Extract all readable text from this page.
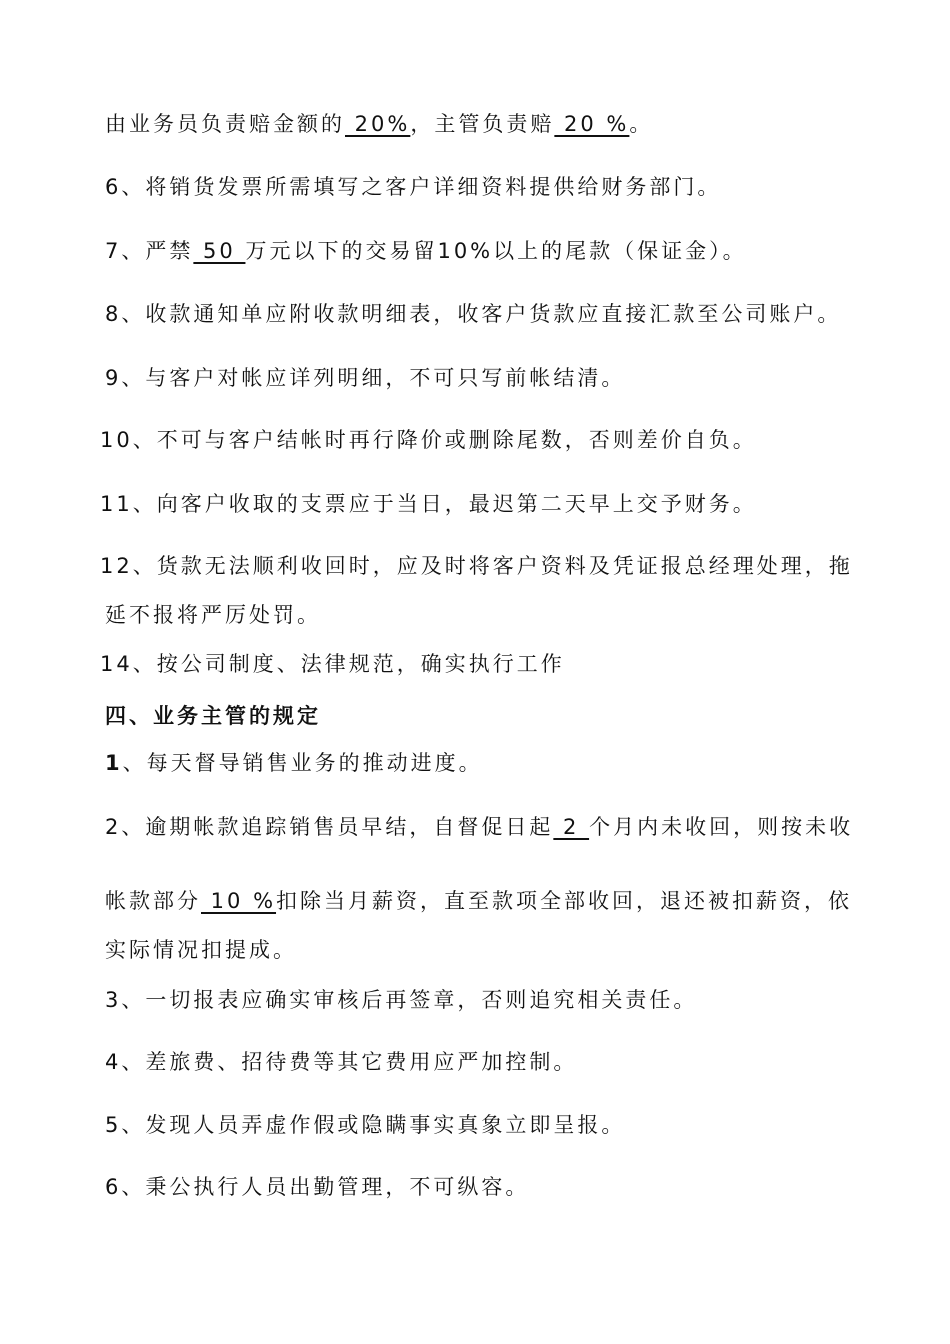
由业务员负责赔金额的 20%，主管负责赔 20 %。
6、将销货发票所需填写之客户详细资料提供给财务部门。
7、严禁 50 万元以下的交易留10%以上的尾款（保证金）。
8、收款通知单应附收款明细表，收客户货款应直接汇款至公司账户。
9、与客户对帐应详列明细，不可只写前帐结清。
10、不可与客户结帐时再行降价或删除尾数，否则差价自负。
11、向客户收取的支票应于当日，最迟第二天早上交予财务。
12、货款无法顺利收回时，应及时将客户资料及凭证报总经理处理，拖
延不报将严厉处罚。
14、按公司制度、法律规范，确实执行工作
四、业务主管的规定
1、每天督导销售业务的推动进度。
2、逾期帐款追踪销售员早结，自督促日起 2 个月内未收回，则按未收
帐款部分 10 %扣除当月薪资，直至款项全部收回，退还被扣薪资，依
实际情况扣提成。
3、一切报表应确实审核后再签章，否则追究相关责任。
4、差旅费、招待费等其它费用应严加控制。
5、发现人员弄虚作假或隐瞒事实真象立即呈报。
6、秉公执行人员出勤管理，不可纵容。
